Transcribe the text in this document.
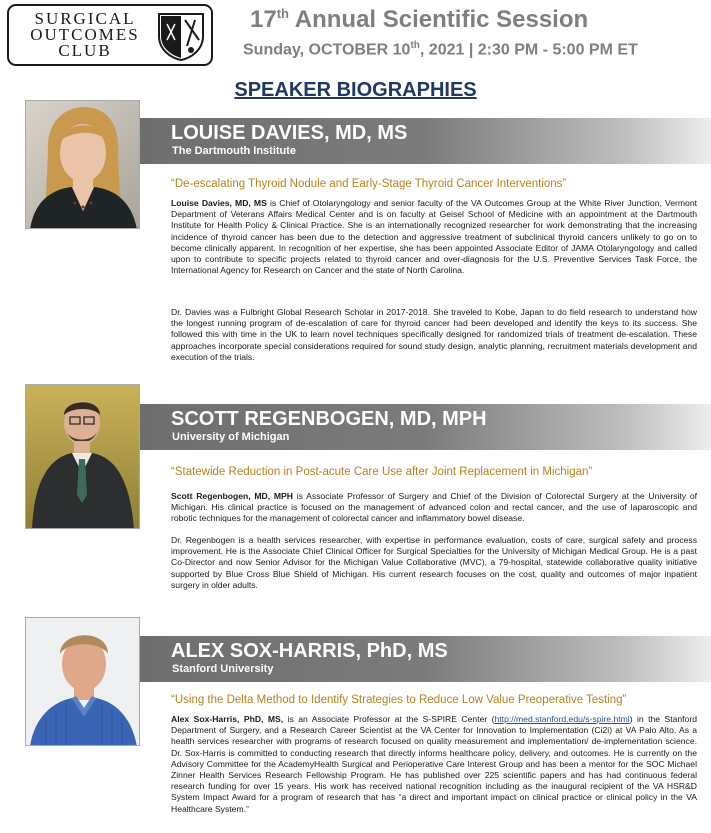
SURGICAL
OUTCOMES
CLUB
17th Annual Scientific Session
Sunday, OCTOBER 10th, 2021 | 2:30 PM - 5:00 PM ET
SPEAKER BIOGRAPHIES
LOUISE DAVIES, MD, MS
The Dartmouth Institute
“De-escalating Thyroid Nodule and Early-Stage Thyroid Cancer Interventions”

Louise Davies, MD, MS is Chief of Otolaryngology and senior faculty of the VA Outcomes Group at the White River Junction, Vermont Department of Veterans Affairs Medical Center and is on faculty at Geisel School of Medicine with an appointment at the Dartmouth Institute for Health Policy & Clinical Practice. She is an internationally recognized researcher for work demonstrating that the increasing incidence of thyroid cancer has been due to the detection and aggressive treatment of subclinical thyroid cancers unlikely to go on to become clinically apparent. In recognition of her expertise, she has been appointed Associate Editor of JAMA Otolaryngology and called upon to contribute to specific projects related to thyroid cancer and over-diagnosis for the U.S. Preventive Services Task Force, the International Agency for Research on Cancer and the state of North Carolina.

Dr. Davies was a Fulbright Global Research Scholar in 2017-2018. She traveled to Kobe, Japan to do field research to understand how the longest running program of de-escalation of care for thyroid cancer had been developed and identify the keys to its success. She followed this with time in the UK to learn novel techniques specifically designed for randomized trials of treatment de-escalation. These approaches incorporate special considerations required for sound study design, analytic planning, recruitment materials development and execution of the trials.

SCOTT REGENBOGEN, MD, MPH
University of Michigan
“Statewide Reduction in Post-acute Care Use after Joint Replacement in Michigan”

Scott Regenbogen, MD, MPH is Associate Professor of Surgery and Chief of the Division of Colorectal Surgery at the University of Michigan. His clinical practice is focused on the management of advanced colon and rectal cancer, and the use of laparoscopic and robotic techniques for the management of colorectal cancer and inflammatory bowel disease.

Dr. Regenbogen is a health services researcher, with expertise in performance evaluation, costs of care, surgical safety and process improvement. He is the Associate Chief Clinical Officer for Surgical Specialties for the University of Michigan Medical Group. He is a past Co-Director and now Senior Advisor for the Michigan Value Collaborative (MVC), a 79-hospital, statewide collaborative quality initiative supported by Blue Cross Blue Shield of Michigan. His current research focuses on the cost, quality and outcomes of major inpatient surgery in older adults.

ALEX SOX-HARRIS, PhD, MS
Stanford University
“Using the Delta Method to Identify Strategies to Reduce Low Value Preoperative Testing”

Alex Sox-Harris, PhD, MS, is an Associate Professor at the S-SPIRE Center (http://med.stanford.edu/s-spire.html) in the Stanford Department of Surgery, and a Research Career Scientist at the VA Center for Innovation to Implementation (Ci2i) at VA Palo Alto. As a health services researcher with programs of research focused on quality measurement and implementation/ de-implementation science. Dr. Sox-Harris is committed to conducting research that directly informs healthcare policy, delivery, and outcomes. He is currently on the Advisory Committee for the AcademyHealth Surgical and Perioperative Care Interest Group and has been a mentor for the SOC Michael Zinner Health Services Research Fellowship Program. He has published over 225 scientific papers and has had continuous federal research funding for over 15 years. His work has received national recognition including as the inaugural recipient of the VA HSR&D System Impact Award for a program of research that has “a direct and important impact on clinical practice or clinical policy in the VA Healthcare System.”
